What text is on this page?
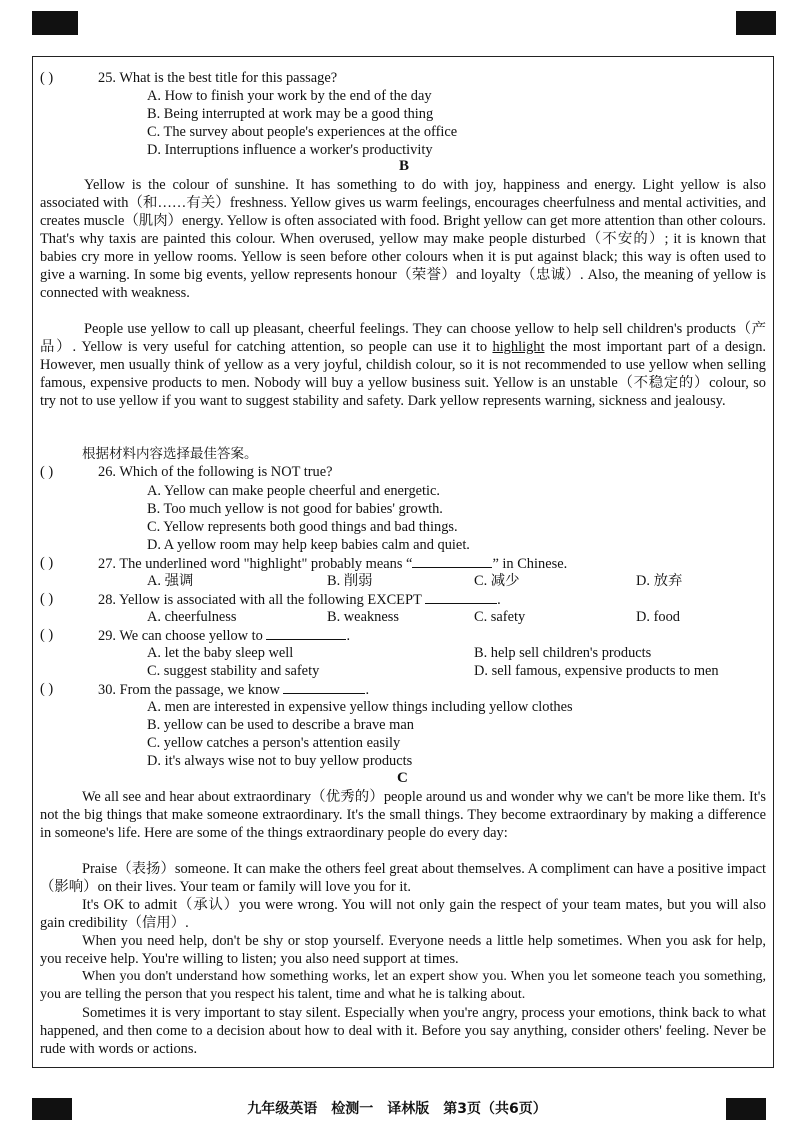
( )	25. What is the best title for this passage?
A. How to finish your work by the end of the day
B. Being interrupted at work may be a good thing
C. The survey about people's experiences at the office
D. Interruptions influence a worker's productivity
B

Yellow is the colour of sunshine. It has something to do with joy, happiness and energy. Light yellow is also associated with（和……有关）freshness. Yellow gives us warm feelings, encourages cheerfulness and mental activities, and creates muscle（肌肉）energy. Yellow is often associated with food. Bright yellow can get more attention than other colours. That's why taxis are painted this colour. When overused, yellow may make people disturbed（不安的）; it is known that babies cry more in yellow rooms. Yellow is seen before other colours when it is put against black; this way is often used to give a warning. In some big events, yellow represents honour（荣誉）and loyalty（忠诚）. Also, the meaning of yellow is connected with weakness.

People use yellow to call up pleasant, cheerful feelings. They can choose yellow to help sell children's products（产品）. Yellow is very useful for catching attention, so people can use it to highlight the most important part of a design. However, men usually think of yellow as a very joyful, childish colour, so it is not recommended to use yellow when selling famous, expensive products to men. Nobody will buy a yellow business suit. Yellow is an unstable（不稳定的）colour, so try not to use yellow if you want to suggest stability and safety. Dark yellow represents warning, sickness and jealousy.

根据材料内容选择最佳答案。
( )	26. Which of the following is NOT true?
A. Yellow can make people cheerful and energetic.
B. Too much yellow is not good for babies' growth.
C. Yellow represents both good things and bad things.
D. A yellow room may help keep babies calm and quiet.
( )	27. The underlined word "highlight" probably means “	” in Chinese.
A. 强调	B. 削弱	C. 减少	D. 放弃
( )	28. Yellow is associated with all the following EXCEPT	.
A. cheerfulness	B. weakness	C. safety	D. food
( )	29. We can choose yellow to	.
A. let the baby sleep well	B. help sell children's products
C. suggest stability and safety	D. sell famous, expensive products to men
( )	30. From the passage, we know	.
A. men are interested in expensive yellow things including yellow clothes
B. yellow can be used to describe a brave man
C. yellow catches a person's attention easily
D. it's always wise not to buy yellow products
C

We all see and hear about extraordinary（优秀的）people around us and wonder why we can't be more like them. It's not the big things that make someone extraordinary. It's the small things. They become extraordinary by making a difference in someone's life. Here are some of the things extraordinary people do every day:

Praise（表扬）someone. It can make the others feel great about themselves. A compliment can have a positive impact（影响）on their lives. Your team or family will love you for it.

It's OK to admit（承认）you were wrong. You will not only gain the respect of your team mates, but you will also gain credibility（信用）.

When you need help, don't be shy or stop yourself. Everyone needs a little help sometimes. When you ask for help, you receive help. You're willing to listen; you also need support at times.

When you don't understand how something works, let an expert show you. When you let someone teach you something, you are telling the person that you respect his talent, time and what he is talking about.

Sometimes it is very important to stay silent. Especially when you're angry, process your emotions, think back to what happened, and then come to a decision about how to deal with it. Before you say anything, consider others' feeling. Never be rude with words or actions.

九年级英语　检测一　译林版　第3页（共6页）
